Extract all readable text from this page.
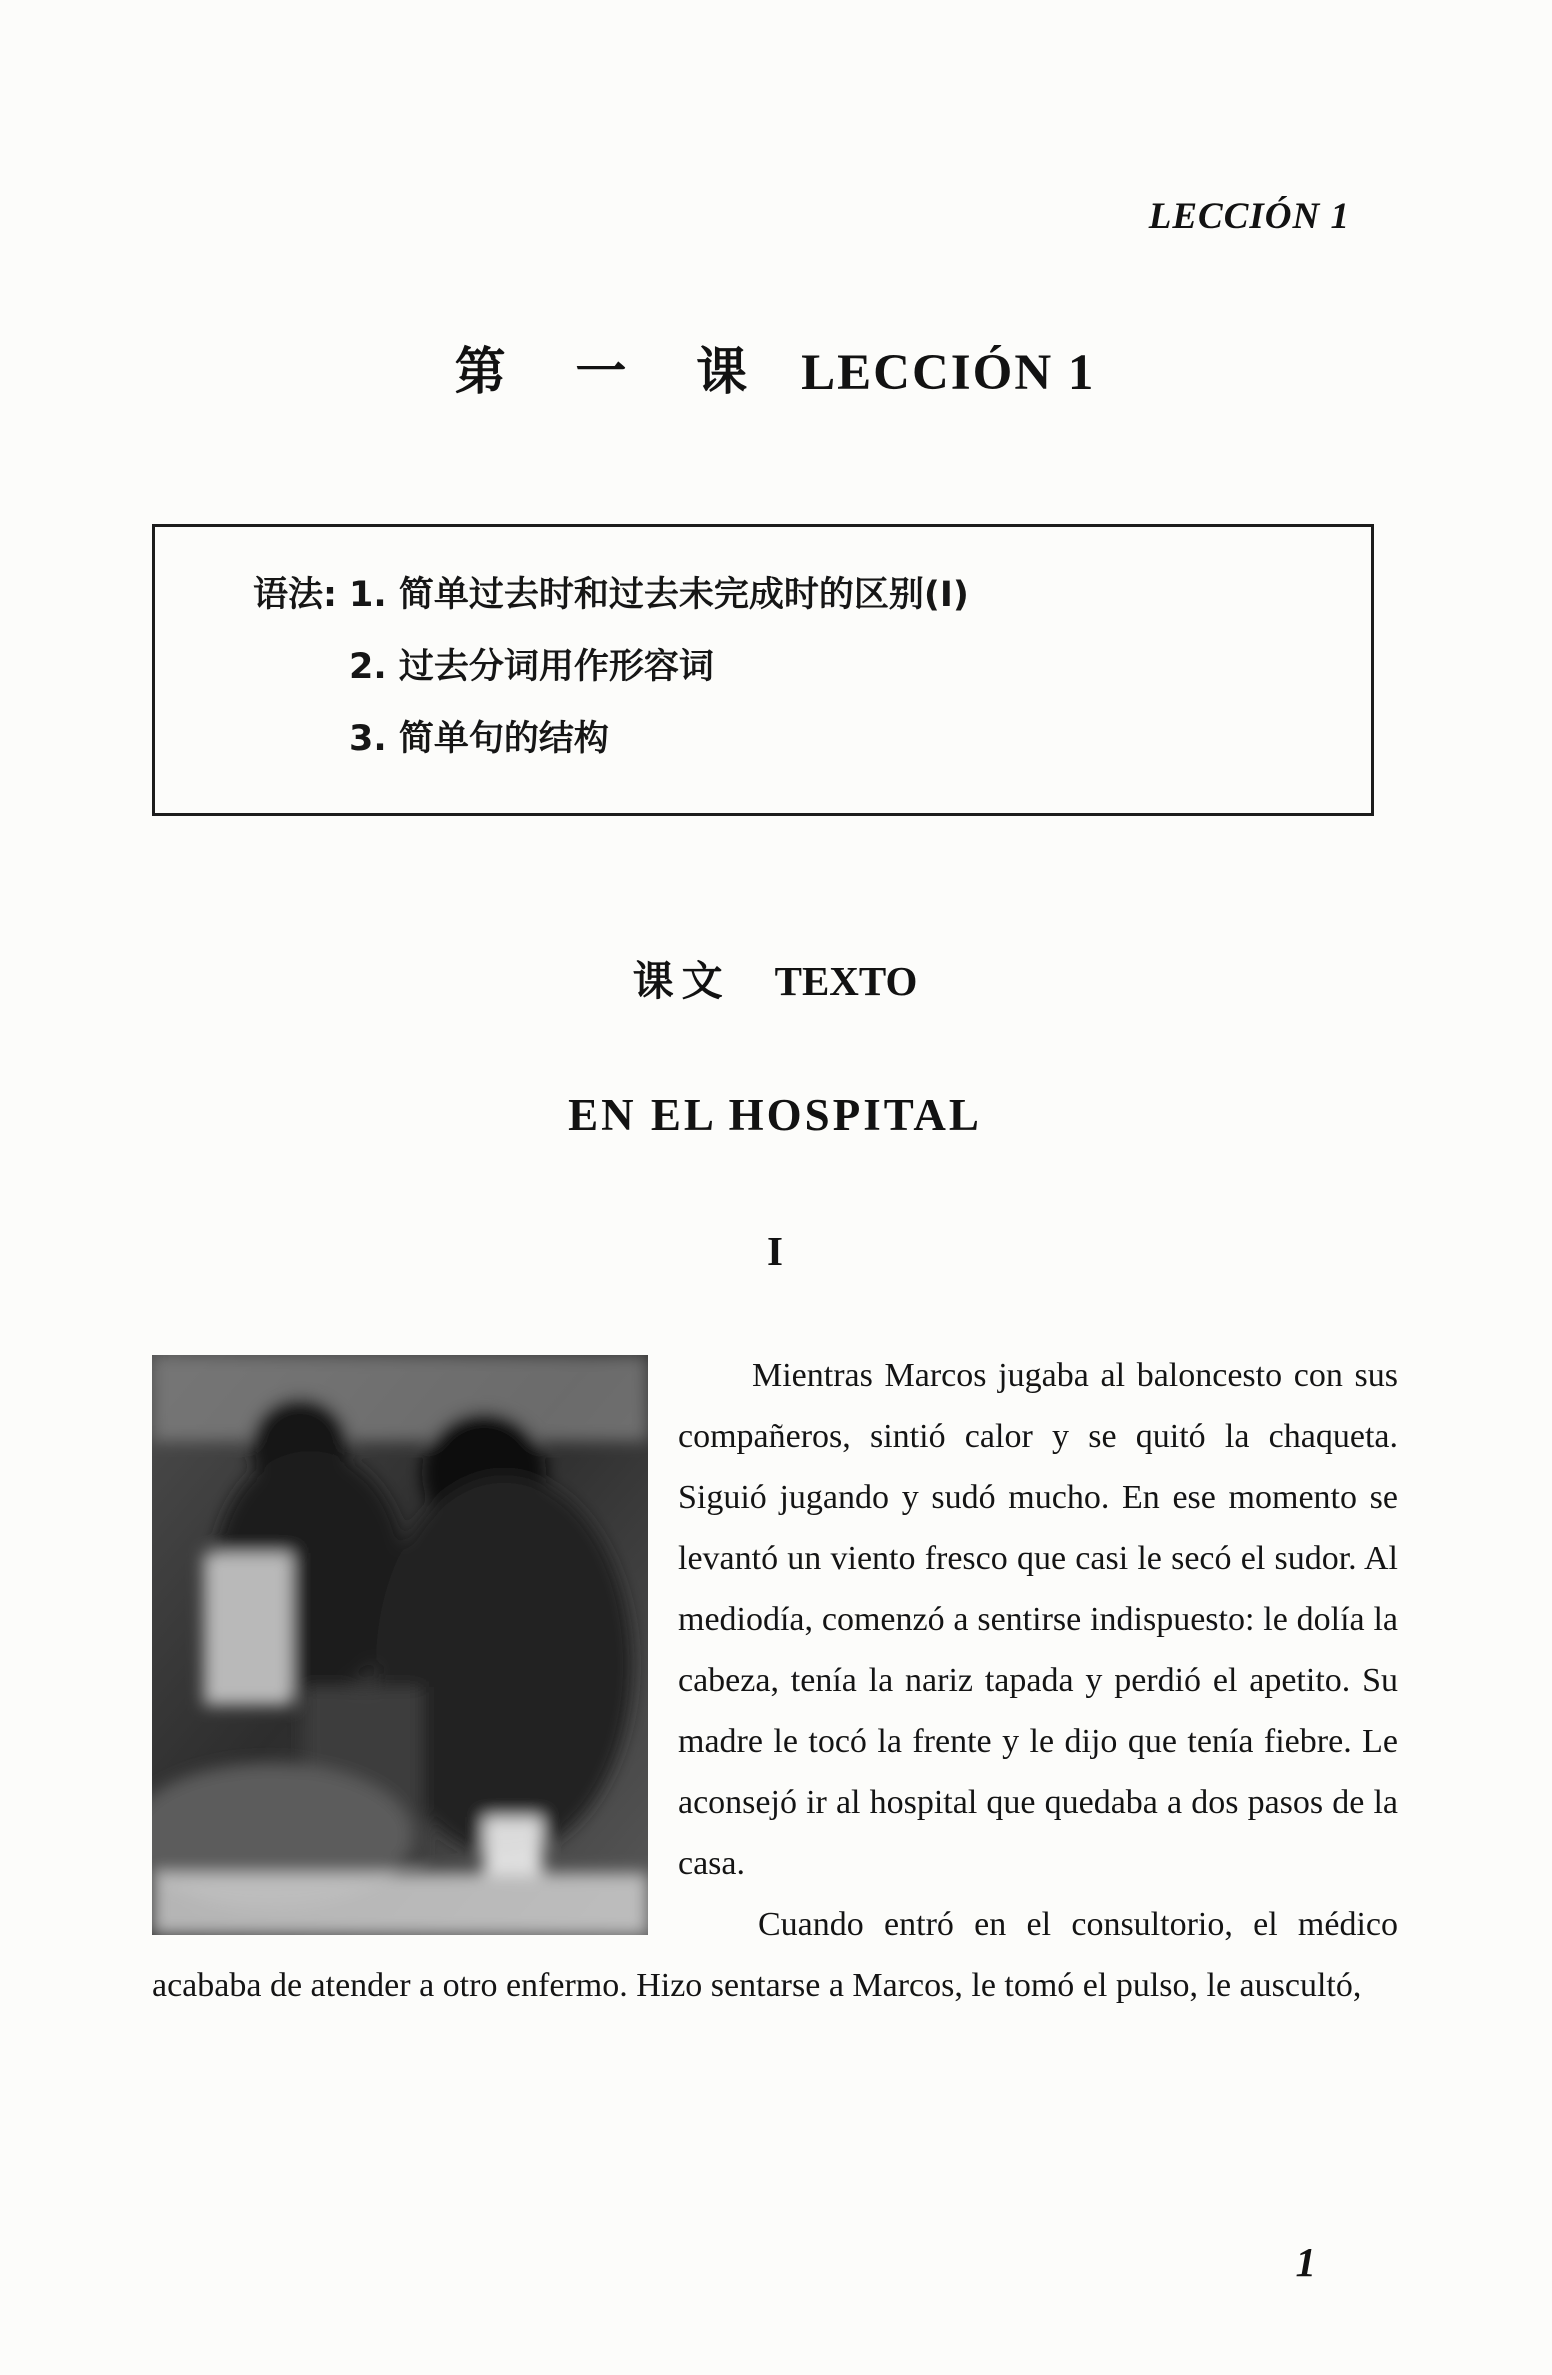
LECCIÓN 1
第 一 课 LECCIÓN 1
语法: 1. 简单过去时和过去未完成时的区别(I)
2. 过去分词用作形容词
3. 简单句的结构
课文 TEXTO
EN EL HOSPITAL
I

Mientras Marcos jugaba al baloncesto con sus compañeros, sintió calor y se quitó la chaqueta. Siguió jugando y sudó mucho. En ese momento se levantó un viento fresco que casi le secó el sudor. Al mediodía, comenzó a sentirse indispuesto: le dolía la cabeza, tenía la nariz tapada y perdió el apetito. Su madre le tocó la frente y le dijo que tenía fiebre. Le aconsejó ir al hospital que quedaba a dos pasos de la casa.

Cuando entró en el consultorio, el médico acababa de atender a otro enfermo. Hizo sentarse a Marcos, le tomó el pulso, le auscultó,

1
